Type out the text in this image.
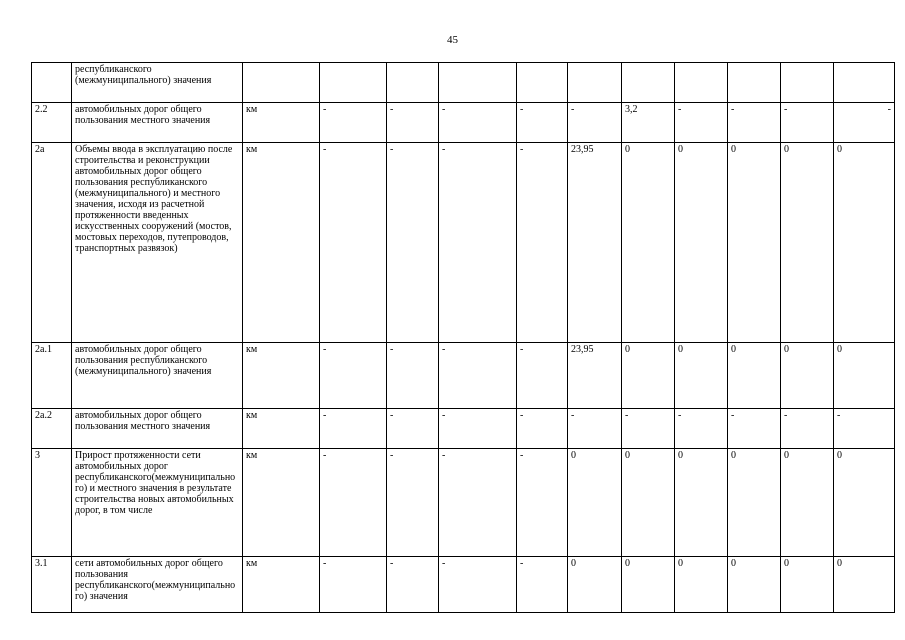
45
	республиканского (межмуниципального) значения											
2.2	автомобильных дорог общего пользования местного значения	км	-	-	-	-	-	3,2	-	-	-	-
2а	Объемы ввода в эксплуатацию после строительства и реконструкции автомобильных дорог общего пользования республиканского (межмуниципального) и местного значения, исходя из расчетной протяженности введенных искусственных сооружений (мостов, мостовых переходов, путепроводов, транспортных развязок)	км	-	-	-	-	23,95	0	0	0	0	0
2а.1	автомобильных дорог общего пользования республиканского (межмуниципального) значения	км	-	-	-	-	23,95	0	0	0	0	0
2а.2	автомобильных дорог общего пользования местного значения	км	-	-	-	-	-	-	-	-	-	-
3	Прирост протяженности сети автомобильных дорог республиканского(межмуниципального) и местного значения в результате строительства новых автомобильных дорог, в том числе	км	-	-	-	-	0	0	0	0	0	0
3.1	сети автомобильных дорог общего пользования республиканского(межмуниципального) значения	км	-	-	-	-	0	0	0	0	0	0
